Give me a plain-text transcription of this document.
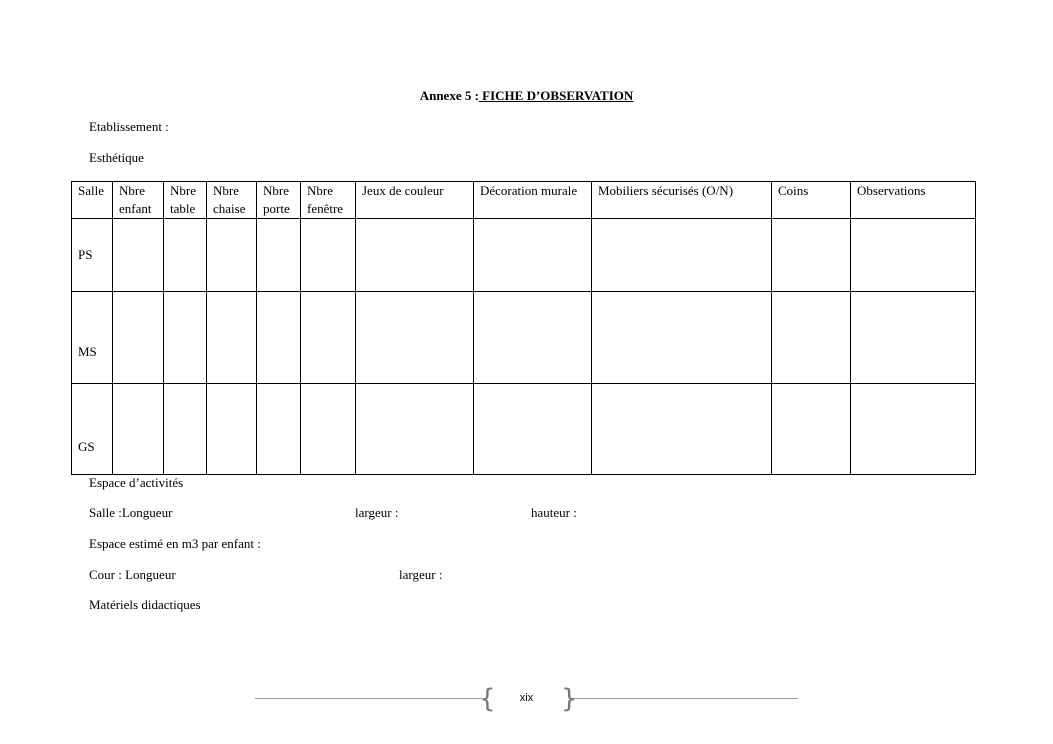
Annexe 5 : FICHE D’OBSERVATION
Etablissement :
Esthétique
Salle	Nbre enfant	Nbre table	Nbre chaise	Nbre porte	Nbre fenêtre	Jeux de couleur	Décoration murale	Mobiliers sécurisés (O/N)	Coins	Observations
PS										
MS										
GS										
Espace d’activités
Salle :Longueur	largeur :	hauteur :
Espace estimé en m3 par enfant :
Cour : Longueur	largeur :
Matériels didactiques
{	}
xix
